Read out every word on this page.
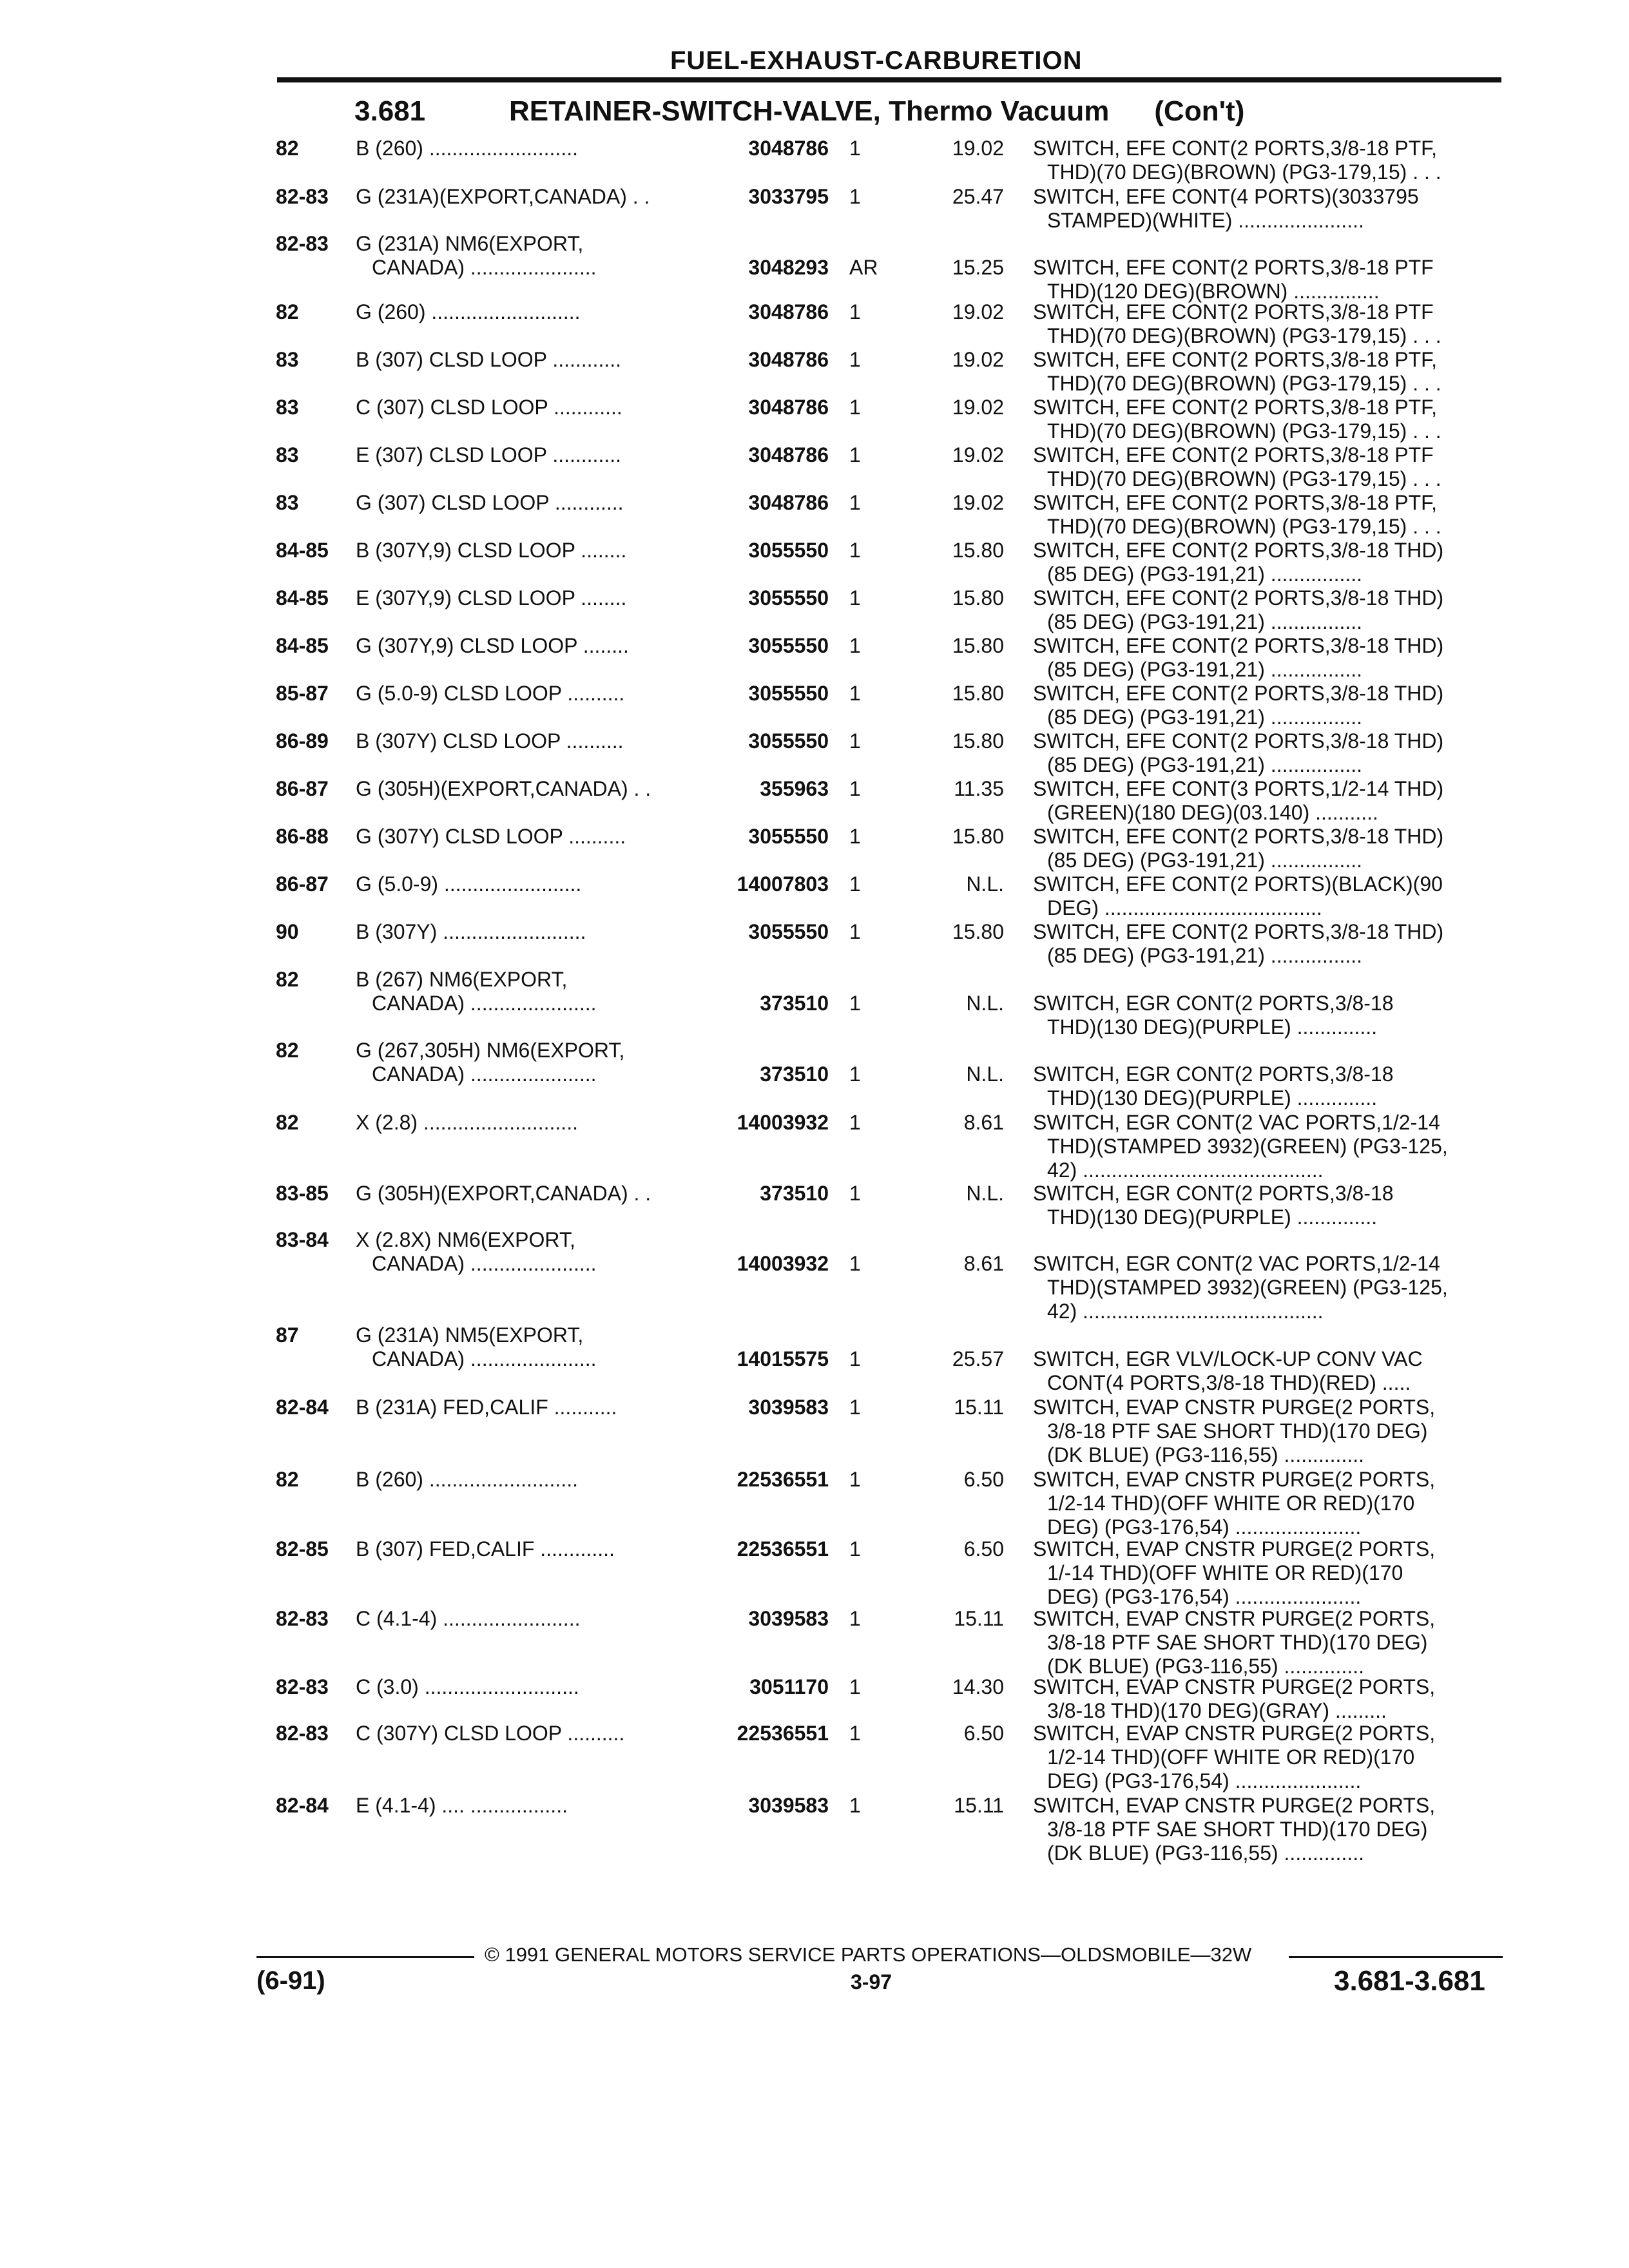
FUEL-EXHAUST-CARBURETION
3.681	RETAINER-SWITCH-VALVE, Thermo Vacuum (Con't)
82	B (260) ..........................	3048786 1	19.02 SWITCH, EFE CONT(2 PORTS,3/8-18 PTF,
THD)(70 DEG)(BROWN) (PG3-179,15) . . .
82-83 G (231A)(EXPORT,CANADA) . .	3033795 1	25.47 SWITCH, EFE CONT(4 PORTS)(3033795
STAMPED)(WHITE) ......................
82-83 G (231A) NM6(EXPORT,
CANADA) ......................	3048293 AR	15.25 SWITCH, EFE CONT(2 PORTS,3/8-18 PTF
THD)(120 DEG)(BROWN) ...............
82	G (260) ..........................	3048786 1	19.02 SWITCH, EFE CONT(2 PORTS,3/8-18 PTF
THD)(70 DEG)(BROWN) (PG3-179,15) . . .
83	B (307) CLSD LOOP ............	3048786 1	19.02 SWITCH, EFE CONT(2 PORTS,3/8-18 PTF,
THD)(70 DEG)(BROWN) (PG3-179,15) . . .
83	C (307) CLSD LOOP ............	3048786 1	19.02 SWITCH, EFE CONT(2 PORTS,3/8-18 PTF,
THD)(70 DEG)(BROWN) (PG3-179,15) . . .
83	E (307) CLSD LOOP ............	3048786 1	19.02 SWITCH, EFE CONT(2 PORTS,3/8-18 PTF
THD)(70 DEG)(BROWN) (PG3-179,15) . . .
83	G (307) CLSD LOOP ............	3048786 1	19.02 SWITCH, EFE CONT(2 PORTS,3/8-18 PTF,
THD)(70 DEG)(BROWN) (PG3-179,15) . . .
84-85 B (307Y,9) CLSD LOOP ........	3055550 1	15.80 SWITCH, EFE CONT(2 PORTS,3/8-18 THD)
(85 DEG) (PG3-191,21) ................
84-85 E (307Y,9) CLSD LOOP ........	3055550 1	15.80 SWITCH, EFE CONT(2 PORTS,3/8-18 THD)
(85 DEG) (PG3-191,21) ................
84-85 G (307Y,9) CLSD LOOP ........	3055550 1	15.80 SWITCH, EFE CONT(2 PORTS,3/8-18 THD)
(85 DEG) (PG3-191,21) ................
85-87 G (5.0-9) CLSD LOOP ..........	3055550 1	15.80 SWITCH, EFE CONT(2 PORTS,3/8-18 THD)
(85 DEG) (PG3-191,21) ................
86-89 B (307Y) CLSD LOOP ..........	3055550 1	15.80 SWITCH, EFE CONT(2 PORTS,3/8-18 THD)
(85 DEG) (PG3-191,21) ................
86-87 G (305H)(EXPORT,CANADA) . .	355963 1	11.35 SWITCH, EFE CONT(3 PORTS,1/2-14 THD)
(GREEN)(180 DEG)(03.140) ...........
86-88 G (307Y) CLSD LOOP ..........	3055550 1	15.80 SWITCH, EFE CONT(2 PORTS,3/8-18 THD)
(85 DEG) (PG3-191,21) ................
86-87 G (5.0-9) ........................	14007803 1	N.L. SWITCH, EFE CONT(2 PORTS)(BLACK)(90
DEG) ......................................
90	B (307Y) .........................	3055550 1	15.80 SWITCH, EFE CONT(2 PORTS,3/8-18 THD)
(85 DEG) (PG3-191,21) ................
82	B (267) NM6(EXPORT,
CANADA) ......................	373510 1	N.L. SWITCH, EGR CONT(2 PORTS,3/8-18
THD)(130 DEG)(PURPLE) ..............
82	G (267,305H) NM6(EXPORT,
CANADA) ......................	373510 1	N.L. SWITCH, EGR CONT(2 PORTS,3/8-18
THD)(130 DEG)(PURPLE) ..............
82	X (2.8) ...........................	14003932 1	8.61 SWITCH, EGR CONT(2 VAC PORTS,1/2-14
THD)(STAMPED 3932)(GREEN) (PG3-125,
42) ..........................................
83-85 G (305H)(EXPORT,CANADA) . .	373510 1	N.L. SWITCH, EGR CONT(2 PORTS,3/8-18
THD)(130 DEG)(PURPLE) ..............
83-84 X (2.8X) NM6(EXPORT,
CANADA) ......................	14003932 1	8.61 SWITCH, EGR CONT(2 VAC PORTS,1/2-14
THD)(STAMPED 3932)(GREEN) (PG3-125,
42) ..........................................
87	G (231A) NM5(EXPORT,
CANADA) ......................	14015575 1	25.57 SWITCH, EGR VLV/LOCK-UP CONV VAC
CONT(4 PORTS,3/8-18 THD)(RED) .....
82-84 B (231A) FED,CALIF ...........	3039583 1	15.11 SWITCH, EVAP CNSTR PURGE(2 PORTS,
3/8-18 PTF SAE SHORT THD)(170 DEG)
(DK BLUE) (PG3-116,55) ..............
82	B (260) ..........................	22536551 1	6.50 SWITCH, EVAP CNSTR PURGE(2 PORTS,
1/2-14 THD)(OFF WHITE OR RED)(170
DEG) (PG3-176,54) ......................
82-85 B (307) FED,CALIF .............	22536551 1	6.50 SWITCH, EVAP CNSTR PURGE(2 PORTS,
1/-14 THD)(OFF WHITE OR RED)(170
DEG) (PG3-176,54) ......................
82-83 C (4.1-4) ........................	3039583 1	15.11 SWITCH, EVAP CNSTR PURGE(2 PORTS,
3/8-18 PTF SAE SHORT THD)(170 DEG)
(DK BLUE) (PG3-116,55) ..............
82-83 C (3.0) ...........................	3051170 1	14.30 SWITCH, EVAP CNSTR PURGE(2 PORTS,
3/8-18 THD)(170 DEG)(GRAY) .........
82-83 C (307Y) CLSD LOOP ..........	22536551 1	6.50 SWITCH, EVAP CNSTR PURGE(2 PORTS,
1/2-14 THD)(OFF WHITE OR RED)(170
DEG) (PG3-176,54) ......................
82-84 E (4.1-4) .... .................	3039583 1	15.11 SWITCH, EVAP CNSTR PURGE(2 PORTS,
3/8-18 PTF SAE SHORT THD)(170 DEG)
(DK BLUE) (PG3-116,55) ..............
© 1991 GENERAL MOTORS SERVICE PARTS OPERATIONS—OLDSMOBILE—32W
(6-91)	3-97	3.681-3.681
